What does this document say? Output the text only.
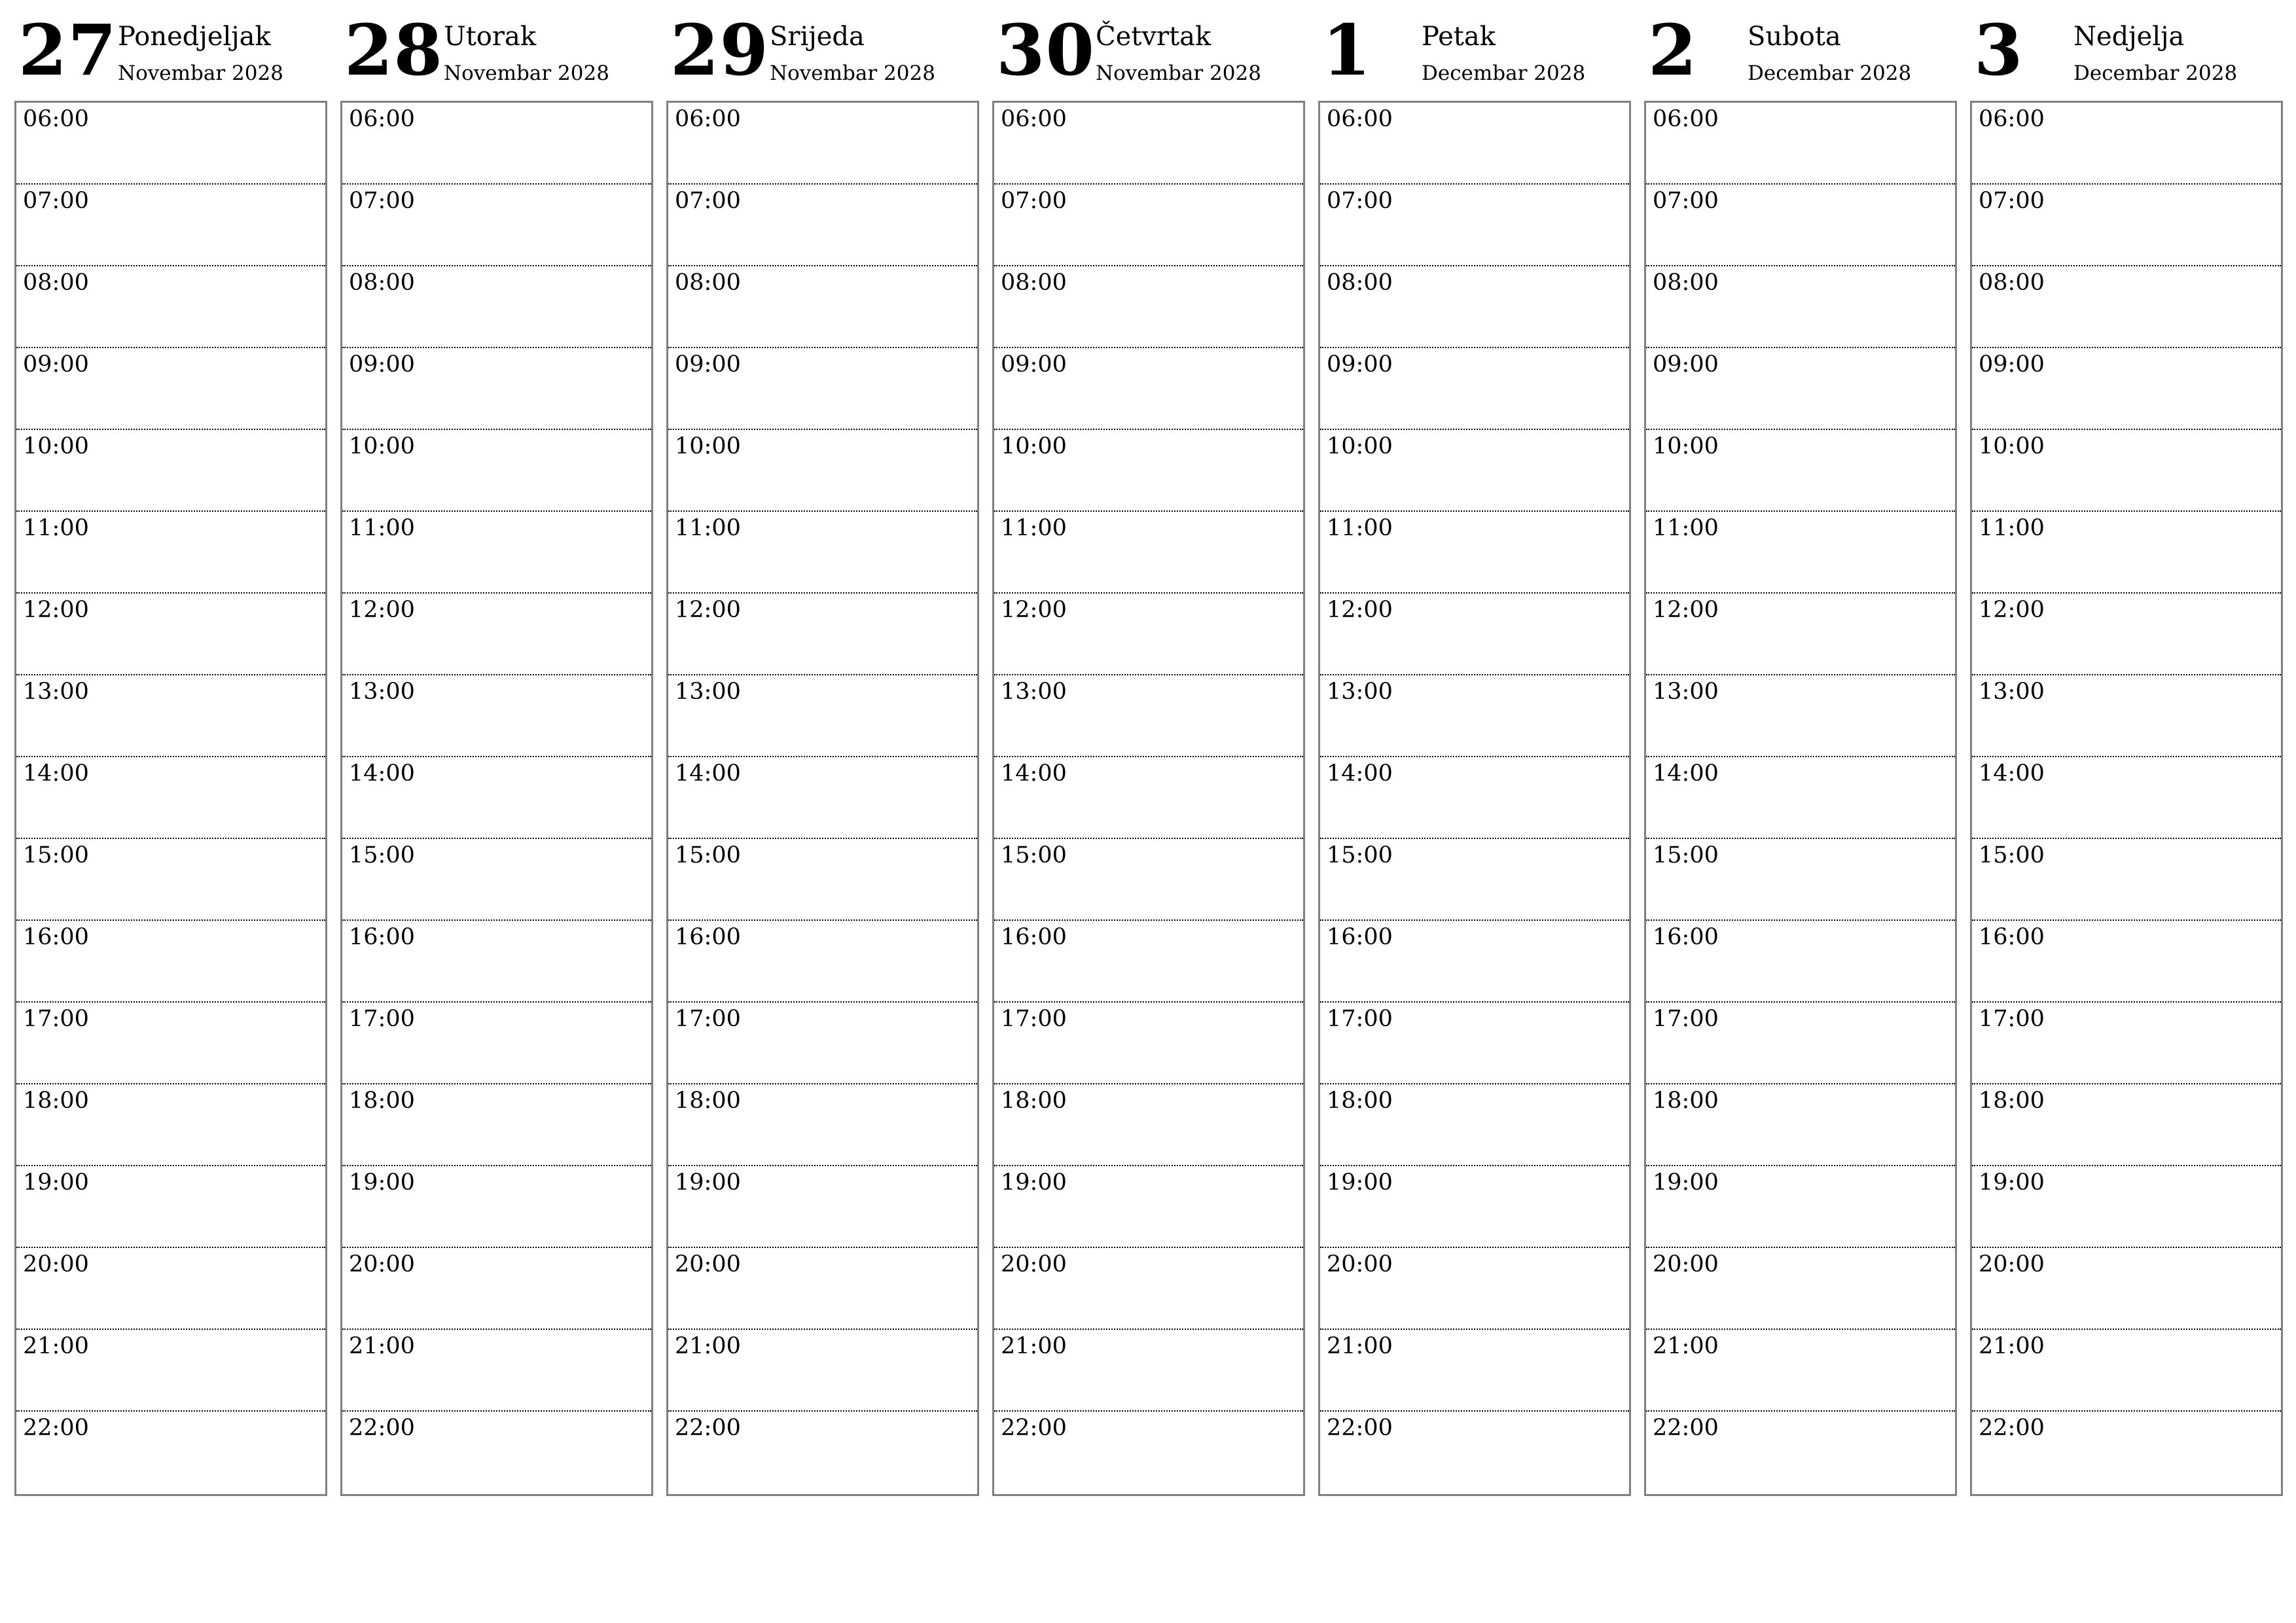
27 Ponedjeljak
Novembar 2028
06:00
07:00
08:00
09:00
10:00
11:00
12:00
13:00
14:00
15:00
16:00
17:00
18:00
19:00
20:00
21:00
22:00
28 Utorak
Novembar 2028
06:00
07:00
08:00
09:00
10:00
11:00
12:00
13:00
14:00
15:00
16:00
17:00
18:00
19:00
20:00
21:00
22:00
29 Srijeda
Novembar 2028
06:00
07:00
08:00
09:00
10:00
11:00
12:00
13:00
14:00
15:00
16:00
17:00
18:00
19:00
20:00
21:00
22:00
30 Četvrtak
Novembar 2028
06:00
07:00
08:00
09:00
10:00
11:00
12:00
13:00
14:00
15:00
16:00
17:00
18:00
19:00
20:00
21:00
22:00
1 Petak
Decembar 2028
06:00
07:00
08:00
09:00
10:00
11:00
12:00
13:00
14:00
15:00
16:00
17:00
18:00
19:00
20:00
21:00
22:00
2 Subota
Decembar 2028
06:00
07:00
08:00
09:00
10:00
11:00
12:00
13:00
14:00
15:00
16:00
17:00
18:00
19:00
20:00
21:00
22:00
3 Nedjelja
Decembar 2028
06:00
07:00
08:00
09:00
10:00
11:00
12:00
13:00
14:00
15:00
16:00
17:00
18:00
19:00
20:00
21:00
22:00
